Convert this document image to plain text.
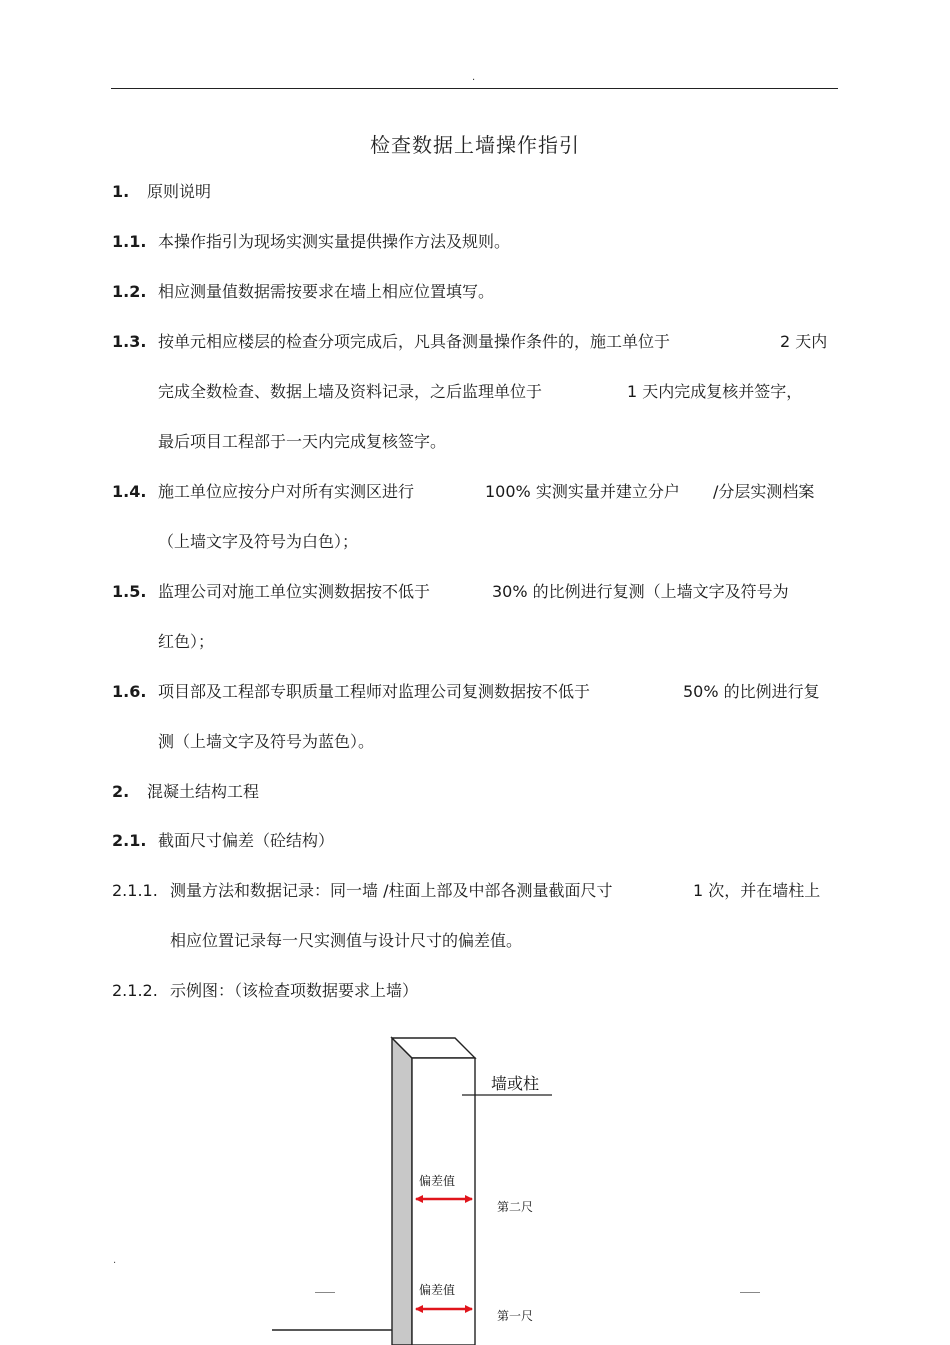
.
检查数据上墙操作指引
1. 原则说明
1.1. 本操作指引为现场实测实量提供操作方法及规则。
1.2. 相应测量值数据需按要求在墙上相应位置填写。
1.3. 按单元相应楼层的检查分项完成后，凡具备测量操作条件的，施工单位于	2 天内
完成全数检查、数据上墙及资料记录，之后监理单位于	1 天内完成复核并签字，
最后项目工程部于一天内完成复核签字。
1.4. 施工单位应按分户对所有实测区进行	100% 实测实量并建立分户 /分层实测档案
（上墙文字及符号为白色）；
1.5. 监理公司对施工单位实测数据按不低于	30% 的比例进行复测（上墙文字及符号为
红色）；
1.6. 项目部及工程部专职质量工程师对监理公司复测数据按不低于	50% 的比例进行复
测（上墙文字及符号为蓝色）。
2. 混凝土结构工程
2.1. 截面尺寸偏差（砼结构）
2.1.1. 测量方法和数据记录：同一墙 /柱面上部及中部各测量截面尺寸	1 次，并在墙柱上
相应位置记录每一尺实测值与设计尺寸的偏差值。
2.1.2. 示例图：（该检查项数据要求上墙）
墙或柱
偏差值
第二尺
偏差值
第一尺
.
